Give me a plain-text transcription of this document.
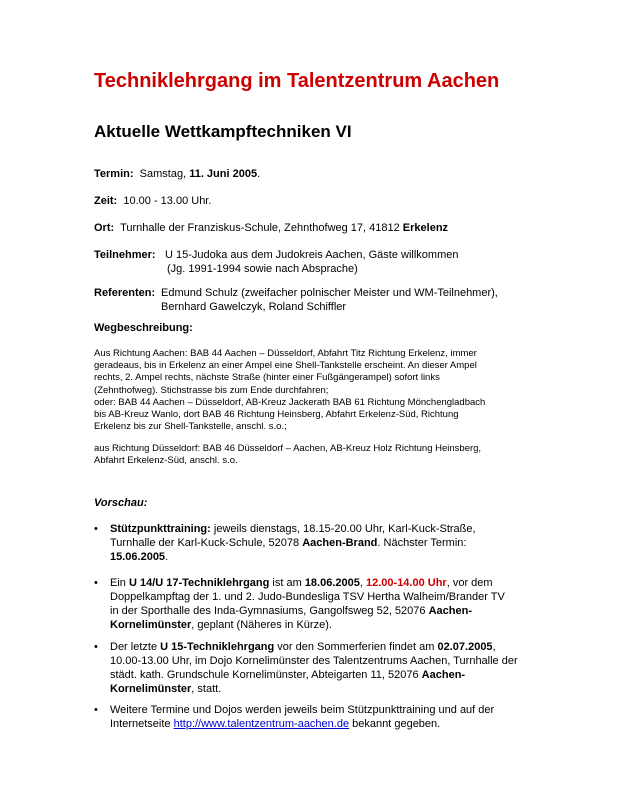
Techniklehrgang im Talentzentrum Aachen
Aktuelle Wettkampftechniken VI
Termin: Samstag, 11. Juni 2005.
Zeit: 10.00 - 13.00 Uhr.
Ort: Turnhalle der Franziskus-Schule, Zehnthofweg 17, 41812 Erkelenz
Teilnehmer: U 15-Judoka aus dem Judokreis Aachen, Gäste willkommen
(Jg. 1991-1994 sowie nach Absprache)
Referenten: Edmund Schulz (zweifacher polnischer Meister und WM-Teilnehmer),
Bernhard Gawelczyk, Roland Schiffler
Wegbeschreibung:
Aus Richtung Aachen: BAB 44 Aachen – Düsseldorf, Abfahrt Titz Richtung Erkelenz, immer
geradeaus, bis in Erkelenz an einer Ampel eine Shell-Tankstelle erscheint. An dieser Ampel
rechts, 2. Ampel rechts, nächste Straße (hinter einer Fußgängerampel) sofort links
(Zehnthofweg). Stichstrasse bis zum Ende durchfahren;
oder: BAB 44 Aachen – Düsseldorf, AB-Kreuz Jackerath BAB 61 Richtung Mönchengladbach
bis AB-Kreuz Wanlo, dort BAB 46 Richtung Heinsberg, Abfahrt Erkelenz-Süd, Richtung
Erkelenz bis zur Shell-Tankstelle, anschl. s.o.;
aus Richtung Düsseldorf: BAB 46 Düsseldorf – Aachen, AB-Kreuz Holz Richtung Heinsberg,
Abfahrt Erkelenz-Süd, anschl. s.o.
Vorschau:
• Stützpunkttraining: jeweils dienstags, 18.15-20.00 Uhr, Karl-Kuck-Straße,
Turnhalle der Karl-Kuck-Schule, 52078 Aachen-Brand. Nächster Termin:
15.06.2005.
• Ein U 14/U 17-Techniklehrgang ist am 18.06.2005, 12.00-14.00 Uhr, vor dem
Doppelkampftag der 1. und 2. Judo-Bundesliga TSV Hertha Walheim/Brander TV
in der Sporthalle des Inda-Gymnasiums, Gangolfsweg 52, 52076 Aachen-
Kornelimünster, geplant (Näheres in Kürze).
• Der letzte U 15-Techniklehrgang vor den Sommerferien findet am 02.07.2005,
10.00-13.00 Uhr, im Dojo Kornelimünster des Talentzentrums Aachen, Turnhalle der
städt. kath. Grundschule Kornelimünster, Abteigarten 11, 52076 Aachen-
Kornelimünster, statt.
• Weitere Termine und Dojos werden jeweils beim Stützpunkttraining und auf der
Internetseite http://www.talentzentrum-aachen.de bekannt gegeben.
